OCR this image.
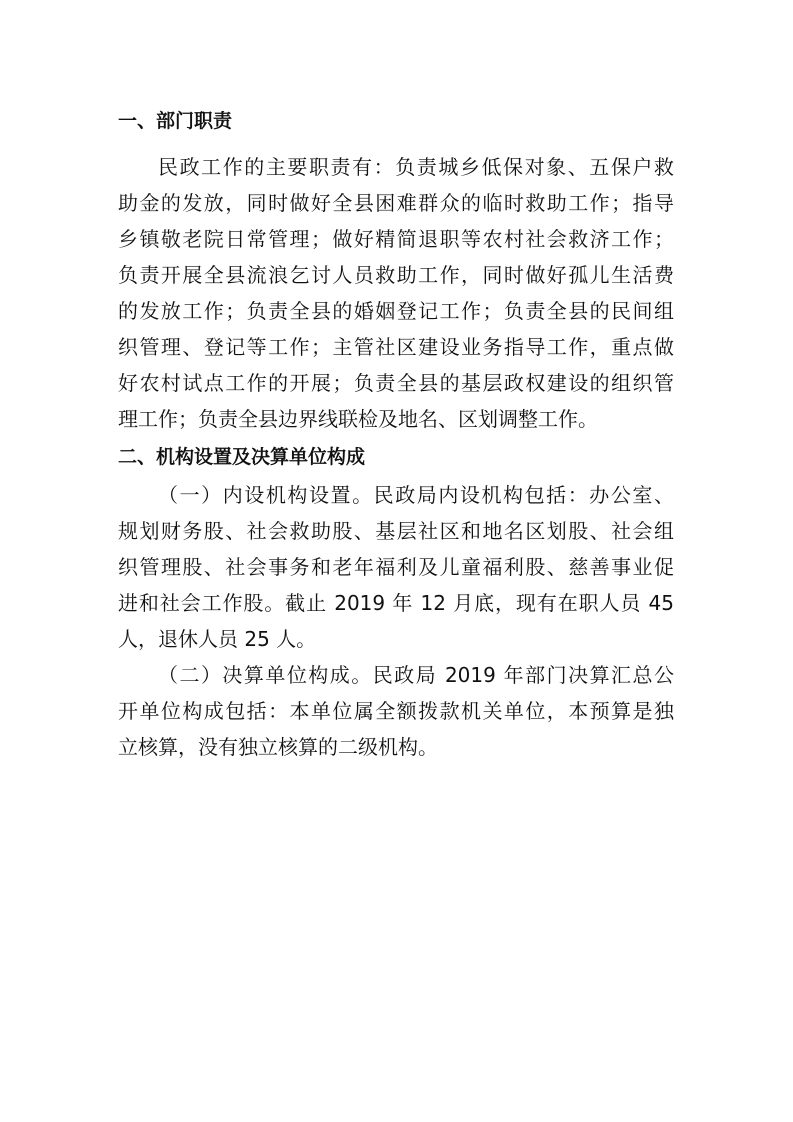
一、部门职责

民政工作的主要职责有：负责城乡低保对象、五保户救
助金的发放，同时做好全县困难群众的临时救助工作；指导
乡镇敬老院日常管理；做好精简退职等农村社会救济工作；
负责开展全县流浪乞讨人员救助工作，同时做好孤儿生活费
的发放工作；负责全县的婚姻登记工作；负责全县的民间组
织管理、登记等工作；主管社区建设业务指导工作，重点做
好农村试点工作的开展；负责全县的基层政权建设的组织管
理工作；负责全县边界线联检及地名、区划调整工作。

二、机构设置及决算单位构成

（一）内设机构设置。民政局内设机构包括：办公室、
规划财务股、社会救助股、基层社区和地名区划股、社会组
织管理股、社会事务和老年福利及儿童福利股、慈善事业促
进和社会工作股。截止 2019 年 12 月底，现有在职人员 45
人，退休人员 25 人。

（二）决算单位构成。民政局 2019 年部门决算汇总公
开单位构成包括：本单位属全额拨款机关单位，本预算是独
立核算，没有独立核算的二级机构。
